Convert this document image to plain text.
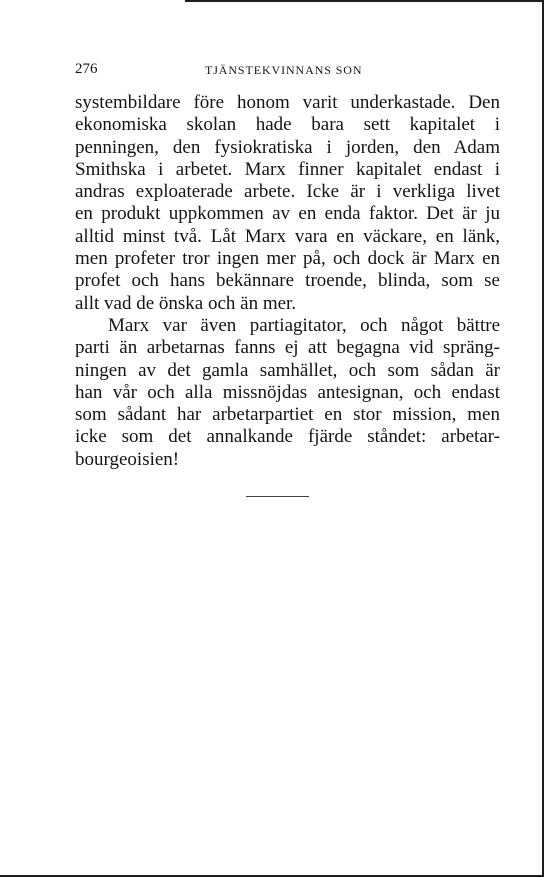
276	TJÄNSTEKVINNANS SON

systembildare före honom varit underkastade. Den
ekonomiska skolan hade bara sett kapitalet i
penningen, den fysiokratiska i jorden, den Adam
Smithska i arbetet. Marx finner kapitalet endast i
andras exploaterade arbete. Icke är i verkliga livet
en produkt uppkommen av en enda faktor. Det är ju
alltid minst två. Låt Marx vara en väckare, en länk,
men profeter tror ingen mer på, och dock är Marx en
profet och hans bekännare troende, blinda, som se
allt vad de önska och än mer.

Marx var även partiagitator, och något bättre
parti än arbetarnas fanns ej att begagna vid spräng-
ningen av det gamla samhället, och som sådan är
han vår och alla missnöjdas antesignan, och endast
som sådant har arbetarpartiet en stor mission, men
icke som det annalkande fjärde ståndet: arbetar-
bourgeoisien!
